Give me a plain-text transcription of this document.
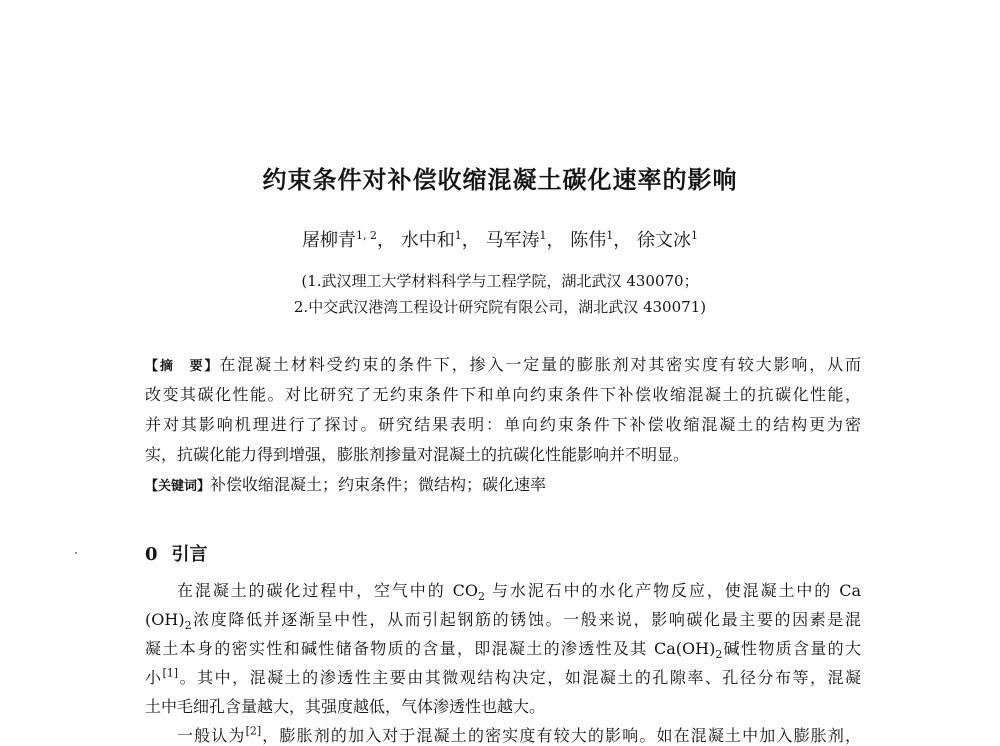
约束条件对补偿收缩混凝土碳化速率的影响
屠柳青$^{1, 2}$， 水中和$^1$， 马军涛$^1$， 陈伟$^1$， 徐文冰$^1$
(1.武汉理工大学材料科学与工程学院，湖北武汉 430070；
2.中交武汉港湾工程设计研究院有限公司，湖北武汉 430071)
【摘　要】在混凝土材料受约束的条件下，掺入一定量的膨胀剂对其密实度有较大影响，从而
改变其碳化性能。对比研究了无约束条件下和单向约束条件下补偿收缩混凝土的抗碳化性能，
并对其影响机理进行了探讨。研究结果表明：单向约束条件下补偿收缩混凝土的结构更为密
实，抗碳化能力得到增强，膨胀剂掺量对混凝土的抗碳化性能影响并不明显。
【关键词】补偿收缩混凝土；约束条件；微结构；碳化速率
0 引言
在混凝土的碳化过程中，空气中的 $CO_2$ 与水泥石中的水化产物反应，使混凝土中的 Ca
$(OH)_2$浓度降低并逐渐呈中性，从而引起钢筋的锈蚀。一般来说，影响碳化最主要的因素是混
凝土本身的密实性和碱性储备物质的含量，即混凝土的渗透性及其 $Ca(OH)_2$碱性物质含量的大
小[1]。其中，混凝土的渗透性主要由其微观结构决定，如混凝土的孔隙率、孔径分布等，混凝
土中毛细孔含量越大，其强度越低，气体渗透性也越大。
一般认为[2]，膨胀剂的加入对于混凝土的密实度有较大的影响。如在混凝土中加入膨胀剂，
